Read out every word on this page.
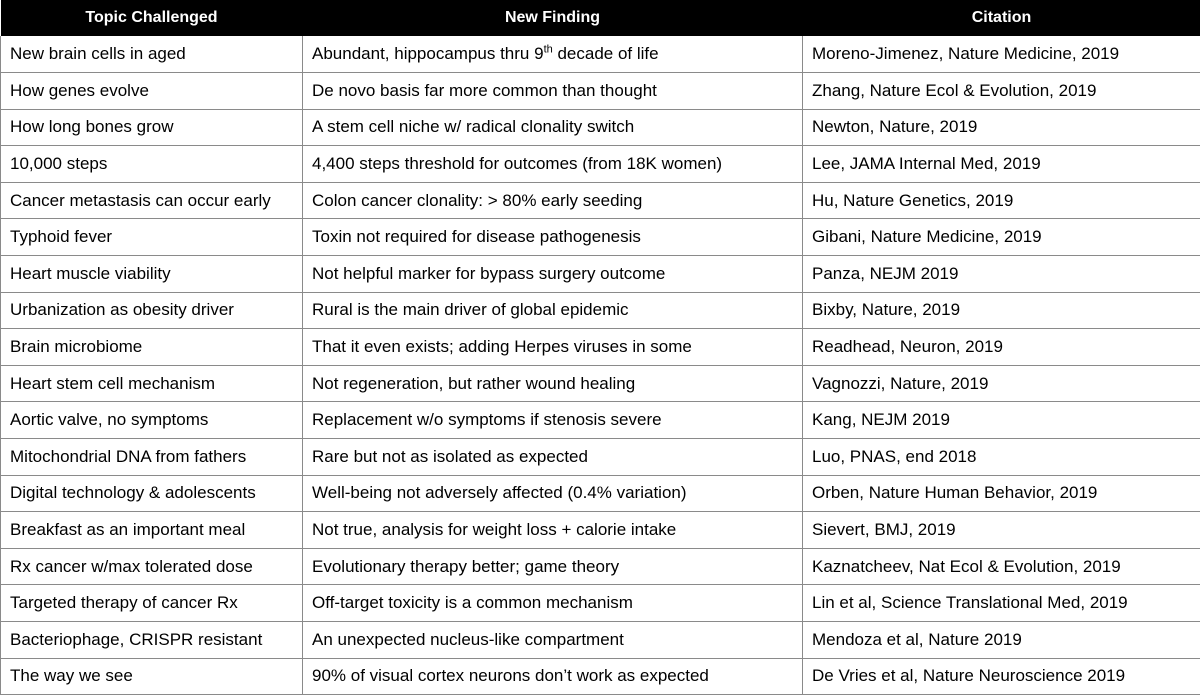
Topic Challenged	New Finding	Citation
New brain cells in aged	Abundant, hippocampus thru 9th decade of life	Moreno-Jimenez, Nature Medicine, 2019
How genes evolve	De novo basis far more common than thought	Zhang, Nature Ecol & Evolution, 2019
How long bones grow	A stem cell niche w/ radical clonality switch	Newton, Nature, 2019
10,000 steps	4,400 steps threshold for outcomes (from 18K women)	Lee, JAMA Internal Med, 2019
Cancer metastasis can occur early	Colon cancer clonality: > 80% early seeding	Hu, Nature Genetics, 2019
Typhoid fever	Toxin not required for disease pathogenesis	Gibani, Nature Medicine, 2019
Heart muscle viability	Not helpful marker for bypass surgery outcome	Panza, NEJM 2019
Urbanization as obesity driver	Rural is the main driver of global epidemic	Bixby, Nature, 2019
Brain microbiome	That it even exists; adding Herpes viruses in some	Readhead, Neuron, 2019
Heart stem cell mechanism	Not regeneration, but rather wound healing	Vagnozzi, Nature, 2019
Aortic valve, no symptoms	Replacement w/o symptoms if stenosis severe	Kang, NEJM 2019
Mitochondrial DNA from fathers	Rare but not as isolated as expected	Luo, PNAS, end 2018
Digital technology & adolescents	Well-being not adversely affected (0.4% variation)	Orben, Nature Human Behavior, 2019
Breakfast as an important meal	Not true, analysis for weight loss + calorie intake	Sievert, BMJ, 2019
Rx cancer w/max tolerated dose	Evolutionary therapy better; game theory	Kaznatcheev, Nat Ecol & Evolution, 2019
Targeted therapy of cancer Rx	Off-target toxicity is a common mechanism	Lin et al, Science Translational Med, 2019
Bacteriophage, CRISPR resistant	An unexpected nucleus-like compartment	Mendoza et al, Nature 2019
The way we see	90% of visual cortex neurons don’t work as expected	De Vries et al, Nature Neuroscience 2019
